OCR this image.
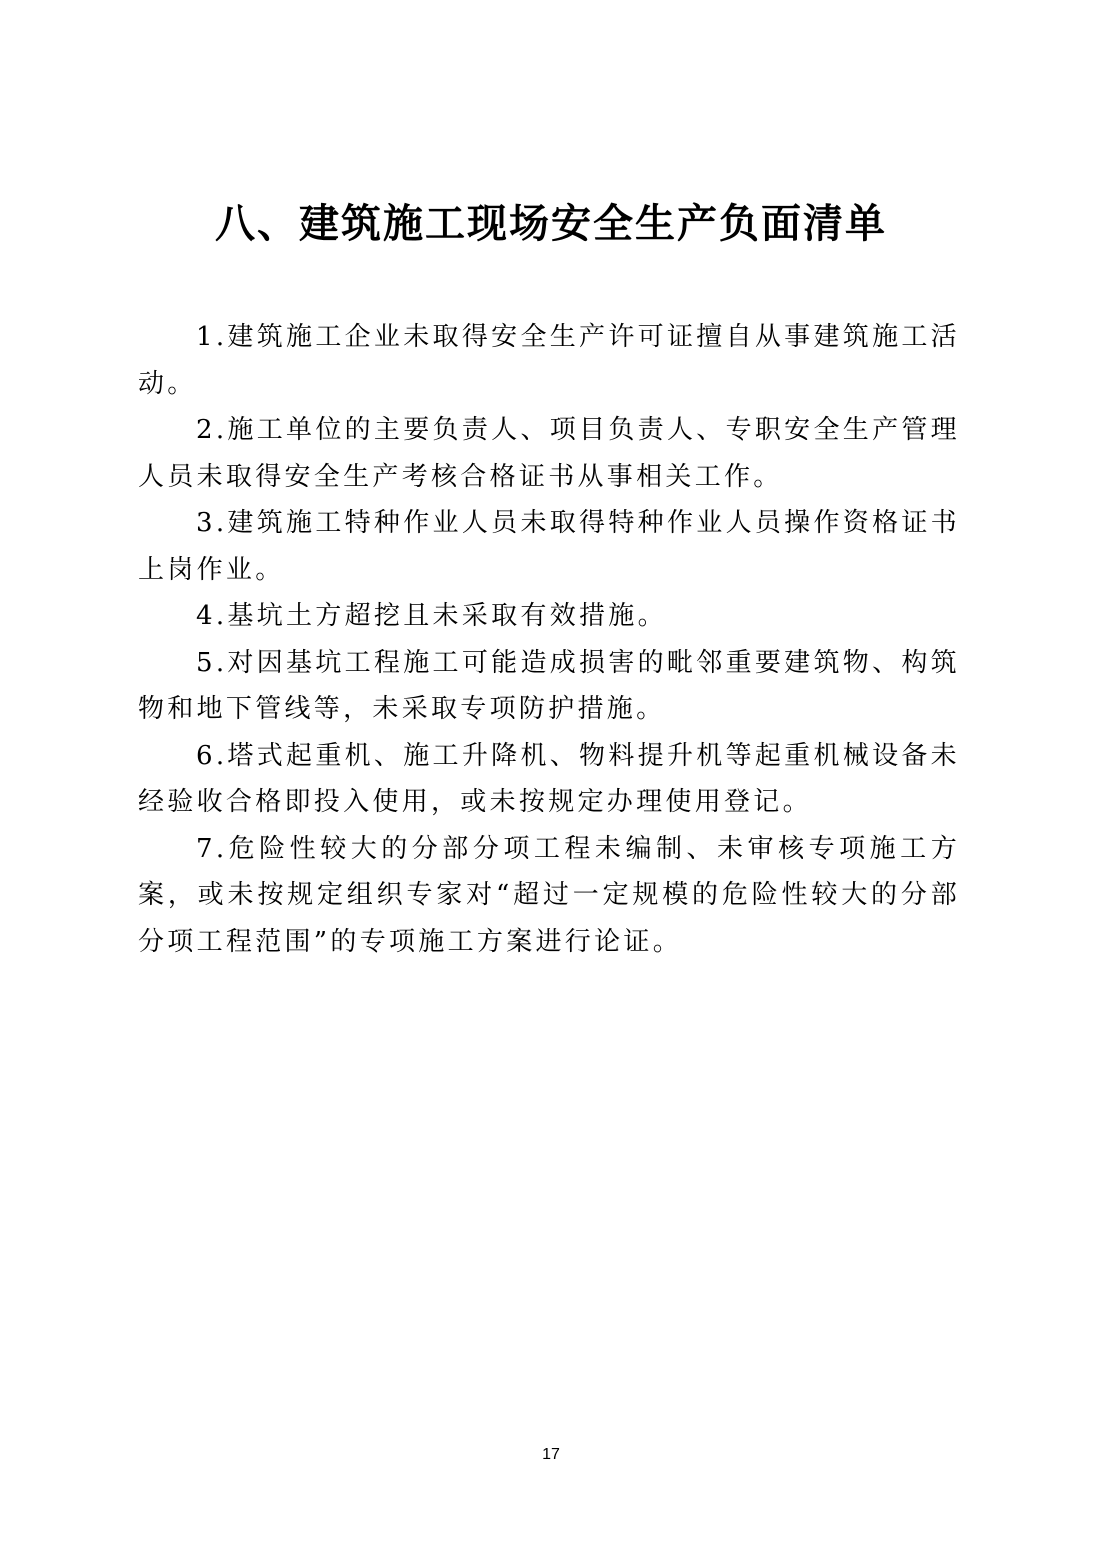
八、建筑施工现场安全生产负面清单

1.建筑施工企业未取得安全生产许可证擅自从事建筑施工活动。

2.施工单位的主要负责人、项目负责人、专职安全生产管理人员未取得安全生产考核合格证书从事相关工作。

3.建筑施工特种作业人员未取得特种作业人员操作资格证书上岗作业。

4.基坑土方超挖且未采取有效措施。

5.对因基坑工程施工可能造成损害的毗邻重要建筑物、构筑物和地下管线等，未采取专项防护措施。

6.塔式起重机、施工升降机、物料提升机等起重机械设备未经验收合格即投入使用，或未按规定办理使用登记。

7.危险性较大的分部分项工程未编制、未审核专项施工方案，或未按规定组织专家对“超过一定规模的危险性较大的分部分项工程范围”的专项施工方案进行论证。

17
